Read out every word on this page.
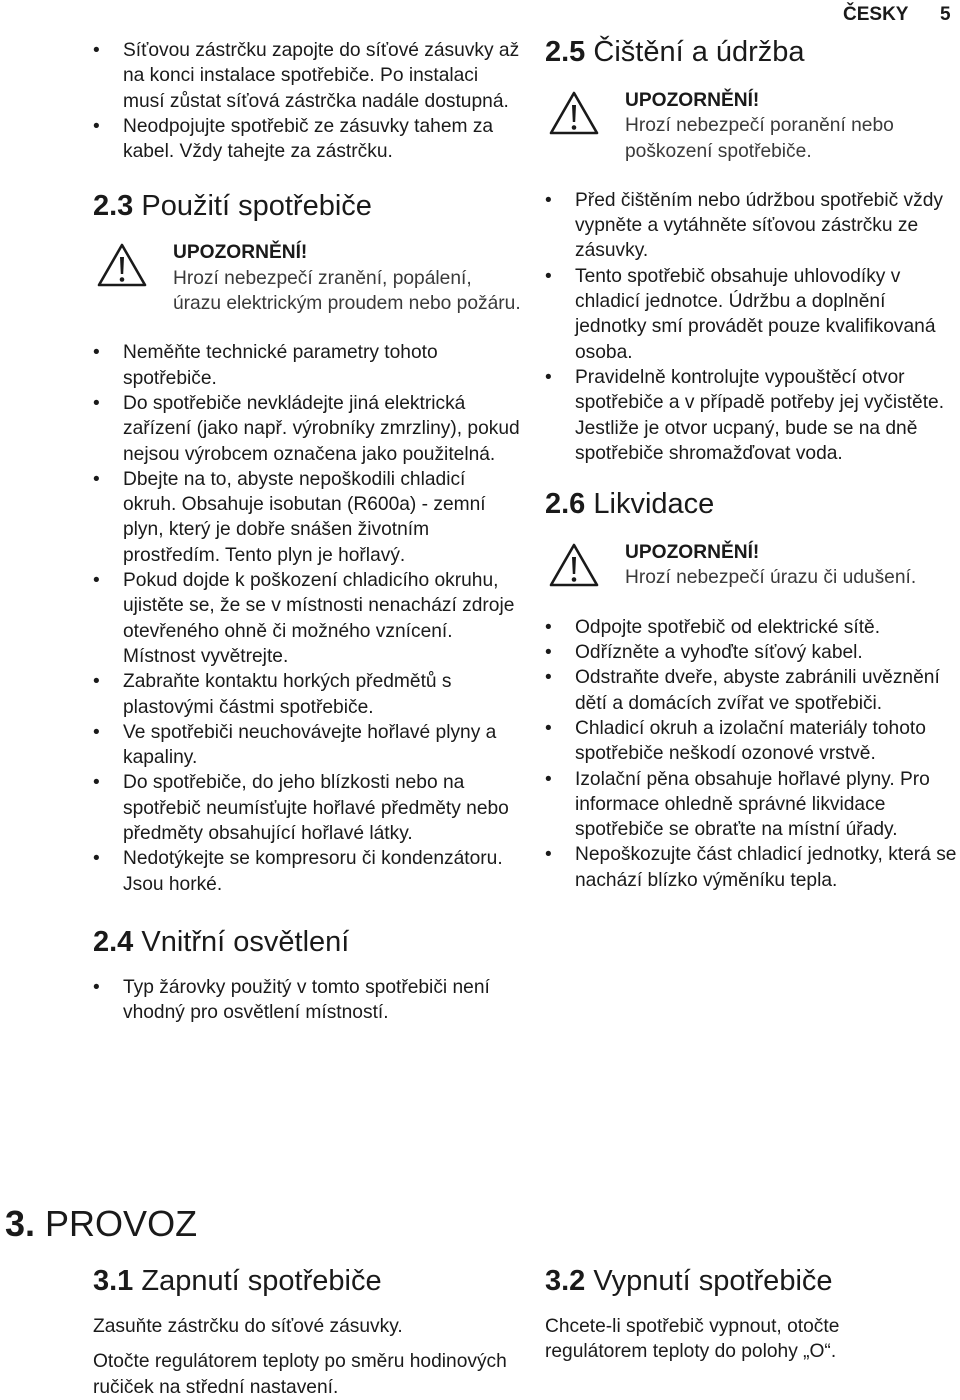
ČESKY 5
• Síťovou zástrčku zapojte do síťové zásuvky až na konci instalace spotřebiče. Po instalaci musí zůstat síťová zástrčka nadále dostupná.
• Neodpojujte spotřebič ze zásuvky tahem za kabel. Vždy tahejte za zástrčku.
2.3 Použití spotřebiče
UPOZORNĚNÍ!
Hrozí nebezpečí zranění, popálení, úrazu elektrickým proudem nebo požáru.
• Neměňte technické parametry tohoto spotřebiče.
• Do spotřebiče nevkládejte jiná elektrická zařízení (jako např. výrobníky zmrzliny), pokud nejsou výrobcem označena jako použitelná.
• Dbejte na to, abyste nepoškodili chladicí okruh. Obsahuje isobutan (R600a) - zemní plyn, který je dobře snášen životním prostředím. Tento plyn je hořlavý.
• Pokud dojde k poškození chladicího okruhu, ujistěte se, že se v místnosti nenachází zdroje otevřeného ohně či možného vznícení. Místnost vyvětrejte.
• Zabraňte kontaktu horkých předmětů s plastovými částmi spotřebiče.
• Ve spotřebiči neuchovávejte hořlavé plyny a kapaliny.
• Do spotřebiče, do jeho blízkosti nebo na spotřebič neumísťujte hořlavé předměty nebo předměty obsahující hořlavé látky.
• Nedotýkejte se kompresoru či kondenzátoru. Jsou horké.
2.4 Vnitřní osvětlení
• Typ žárovky použitý v tomto spotřebiči není vhodný pro osvětlení místností.
2.5 Čištění a údržba
UPOZORNĚNÍ!
Hrozí nebezpečí poranění nebo poškození spotřebiče.
• Před čištěním nebo údržbou spotřebič vždy vypněte a vytáhněte síťovou zástrčku ze zásuvky.
• Tento spotřebič obsahuje uhlovodíky v chladicí jednotce. Údržbu a doplnění jednotky smí provádět pouze kvalifikovaná osoba.
• Pravidelně kontrolujte vypouštěcí otvor spotřebiče a v případě potřeby jej vyčistěte. Jestliže je otvor ucpaný, bude se na dně spotřebiče shromažďovat voda.
2.6 Likvidace
UPOZORNĚNÍ!
Hrozí nebezpečí úrazu či udušení.
• Odpojte spotřebič od elektrické sítě.
• Odřízněte a vyhoďte síťový kabel.
• Odstraňte dveře, abyste zabránili uvěznění dětí a domácích zvířat ve spotřebiči.
• Chladicí okruh a izolační materiály tohoto spotřebiče neškodí ozonové vrstvě.
• Izolační pěna obsahuje hořlavé plyny. Pro informace ohledně správné likvidace spotřebiče se obraťte na místní úřady.
• Nepoškozujte část chladicí jednotky, která se nachází blízko výměníku tepla.
3. PROVOZ
3.1 Zapnutí spotřebiče

Zasuňte zástrčku do síťové zásuvky.

Otočte regulátorem teploty po směru hodinových ručiček na střední nastavení.

3.2 Vypnutí spotřebiče

Chcete-li spotřebič vypnout, otočte regulátorem teploty do polohy „O“.
